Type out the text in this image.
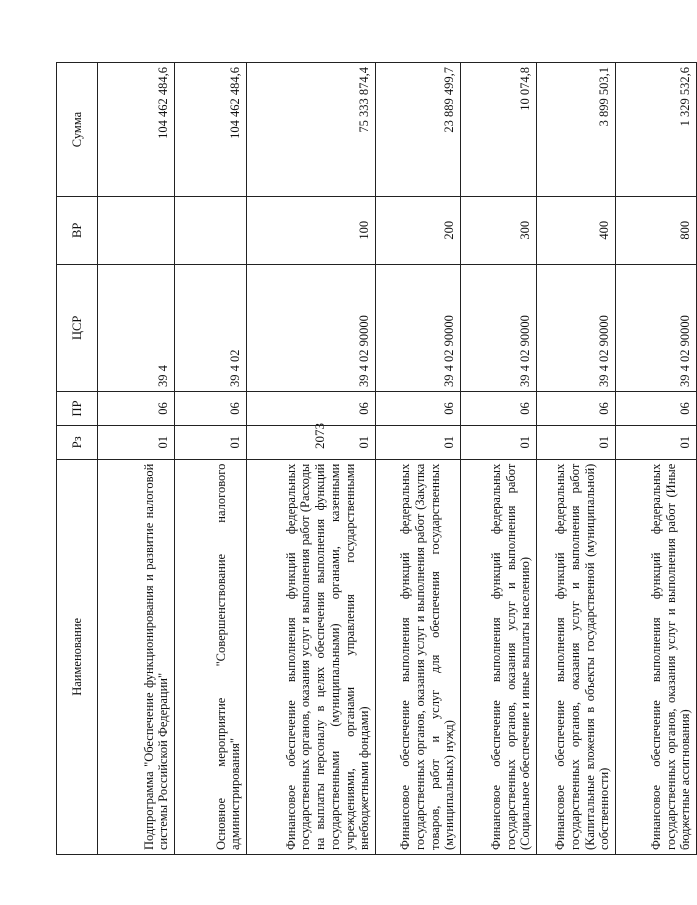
2073
Наименование	Рз	ПР	ЦСР	ВР	Сумма
Подпрограмма "Обеспечение функционирования и развитие налоговой системы Российской Федерации"	01	06	39 4		104 462 484,6
Основное мероприятие "Совершенствование налогового администрирования"	01	06	39 4 02		104 462 484,6
Финансовое обеспечение выполнения функций федеральных государственных органов, оказания услуг и выполнения работ (Расходы на выплаты персоналу в целях обеспечения выполнения функций государственными (муниципальными) органами, казенными учреждениями, органами управления государственными внебюджетными фондами)	01	06	39 4 02 90000	100	75 333 874,4
Финансовое обеспечение выполнения функций федеральных государственных органов, оказания услуг и выполнения работ (Закупка товаров, работ и услуг для обеспечения государственных (муниципальных) нужд)	01	06	39 4 02 90000	200	23 889 499,7
Финансовое обеспечение выполнения функций федеральных государственных органов, оказания услуг и выполнения работ (Социальное обеспечение и иные выплаты населению)	01	06	39 4 02 90000	300	10 074,8
Финансовое обеспечение выполнения функций федеральных государственных органов, оказания услуг и выполнения работ (Капитальные вложения в объекты государственной (муниципальной) собственности)	01	06	39 4 02 90000	400	3 899 503,1
Финансовое обеспечение выполнения функций федеральных государственных органов, оказания услуг и выполнения работ (Иные бюджетные ассигнования)	01	06	39 4 02 90000	800	1 329 532,6
